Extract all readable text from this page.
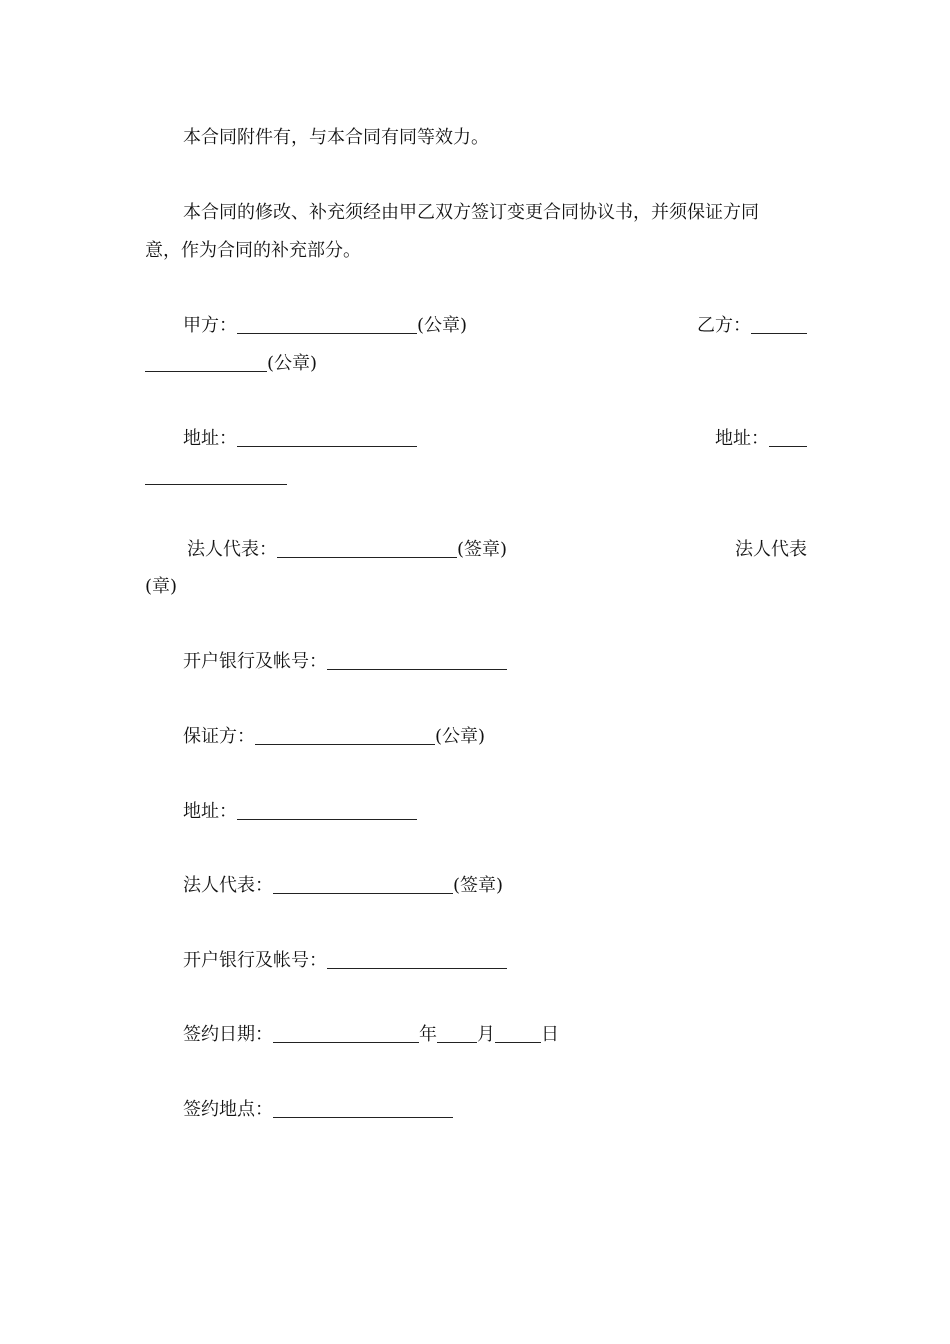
本合同附件有，与本合同有同等效力。
本合同的修改、补充须经由甲乙双方签订变更合同协议书，并须保证方同
意，作为合同的补充部分。
甲方：	(公章)	乙方：
(公章)
地址：	地址：
法人代表：	(签章)	法人代表
(章)
开户银行及帐号：
保证方：	(公章)
地址：
法人代表：	(签章)
开户银行及帐号：
签约日期：	年 月	日
签约地点：
